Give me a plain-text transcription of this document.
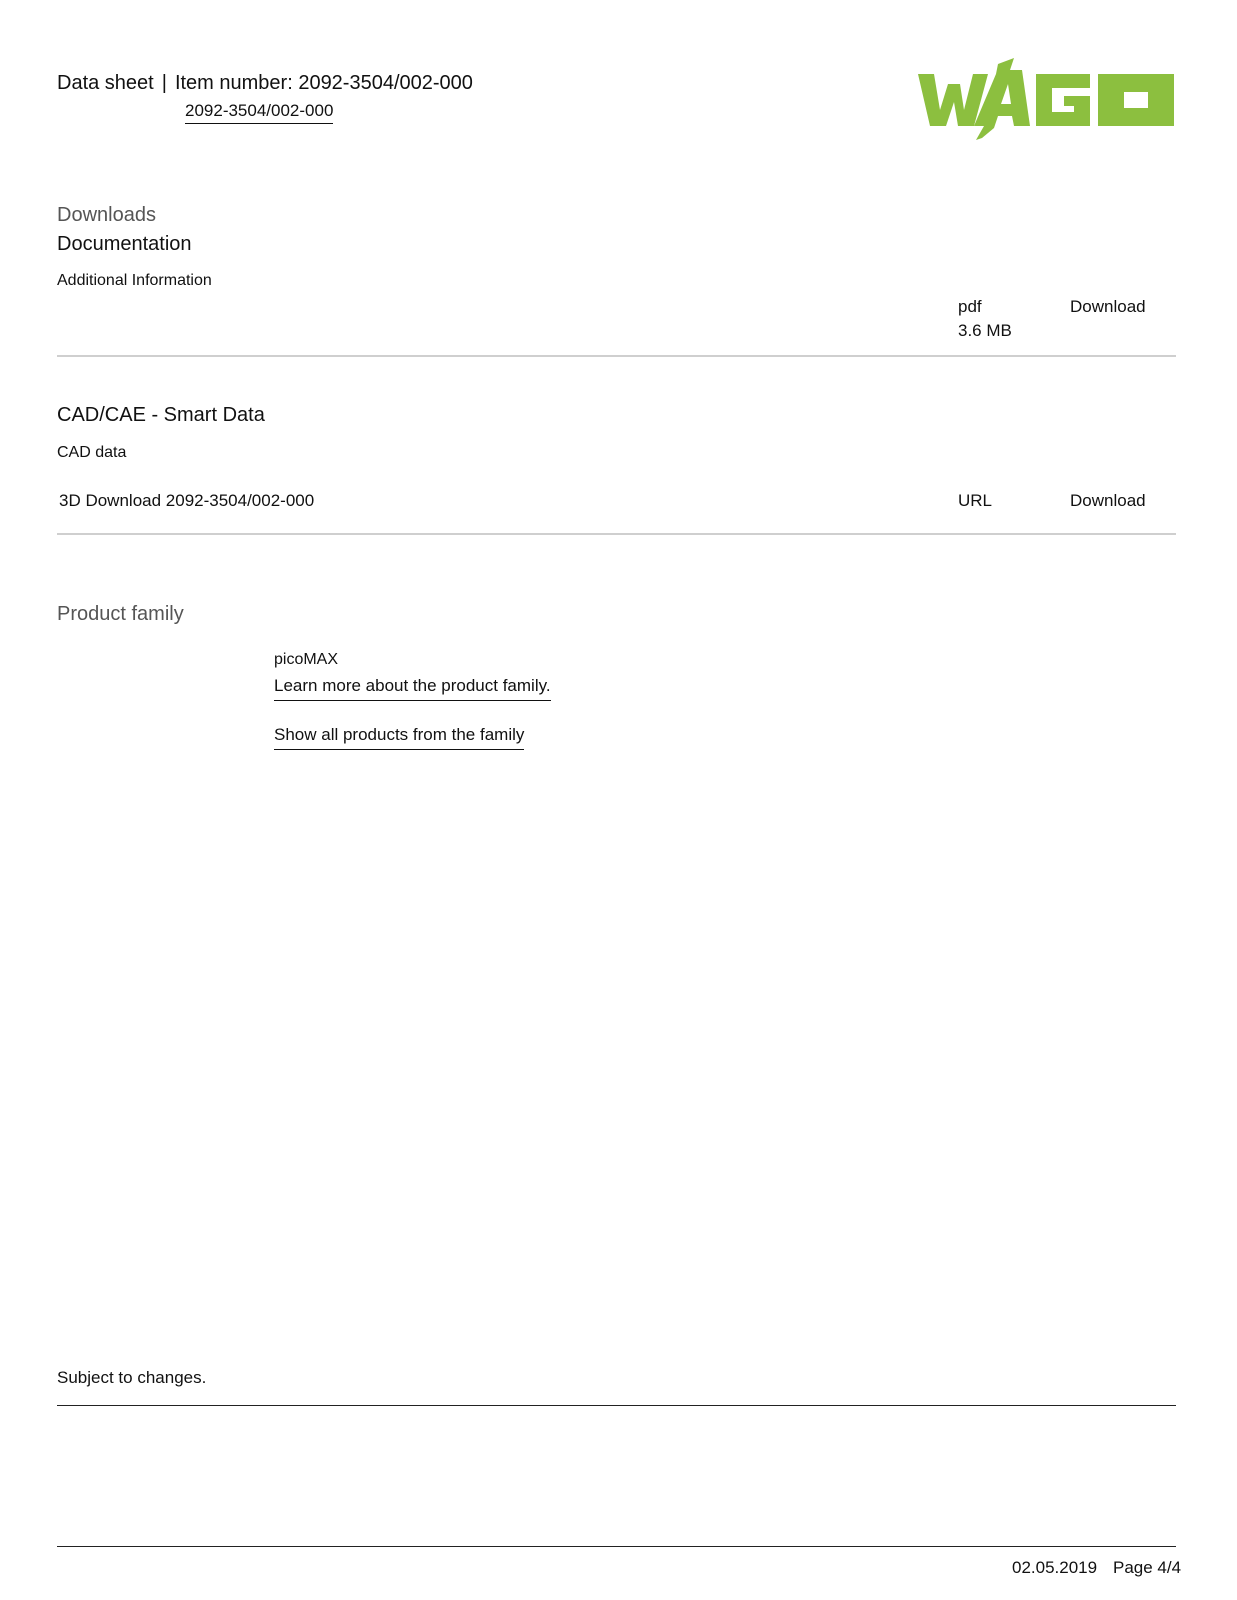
Data sheet | Item number: 2092-3504/002-000
2092-3504/002-000
Downloads
Documentation
Additional Information
pdf
3.6 MB
Download
CAD/CAE - Smart Data
CAD data
3D Download 2092-3504/002-000	URL	Download
Product family
picoMAX
Learn more about the product family.
Show all products from the family
Subject to changes.
02.05.2019 Page 4/4
